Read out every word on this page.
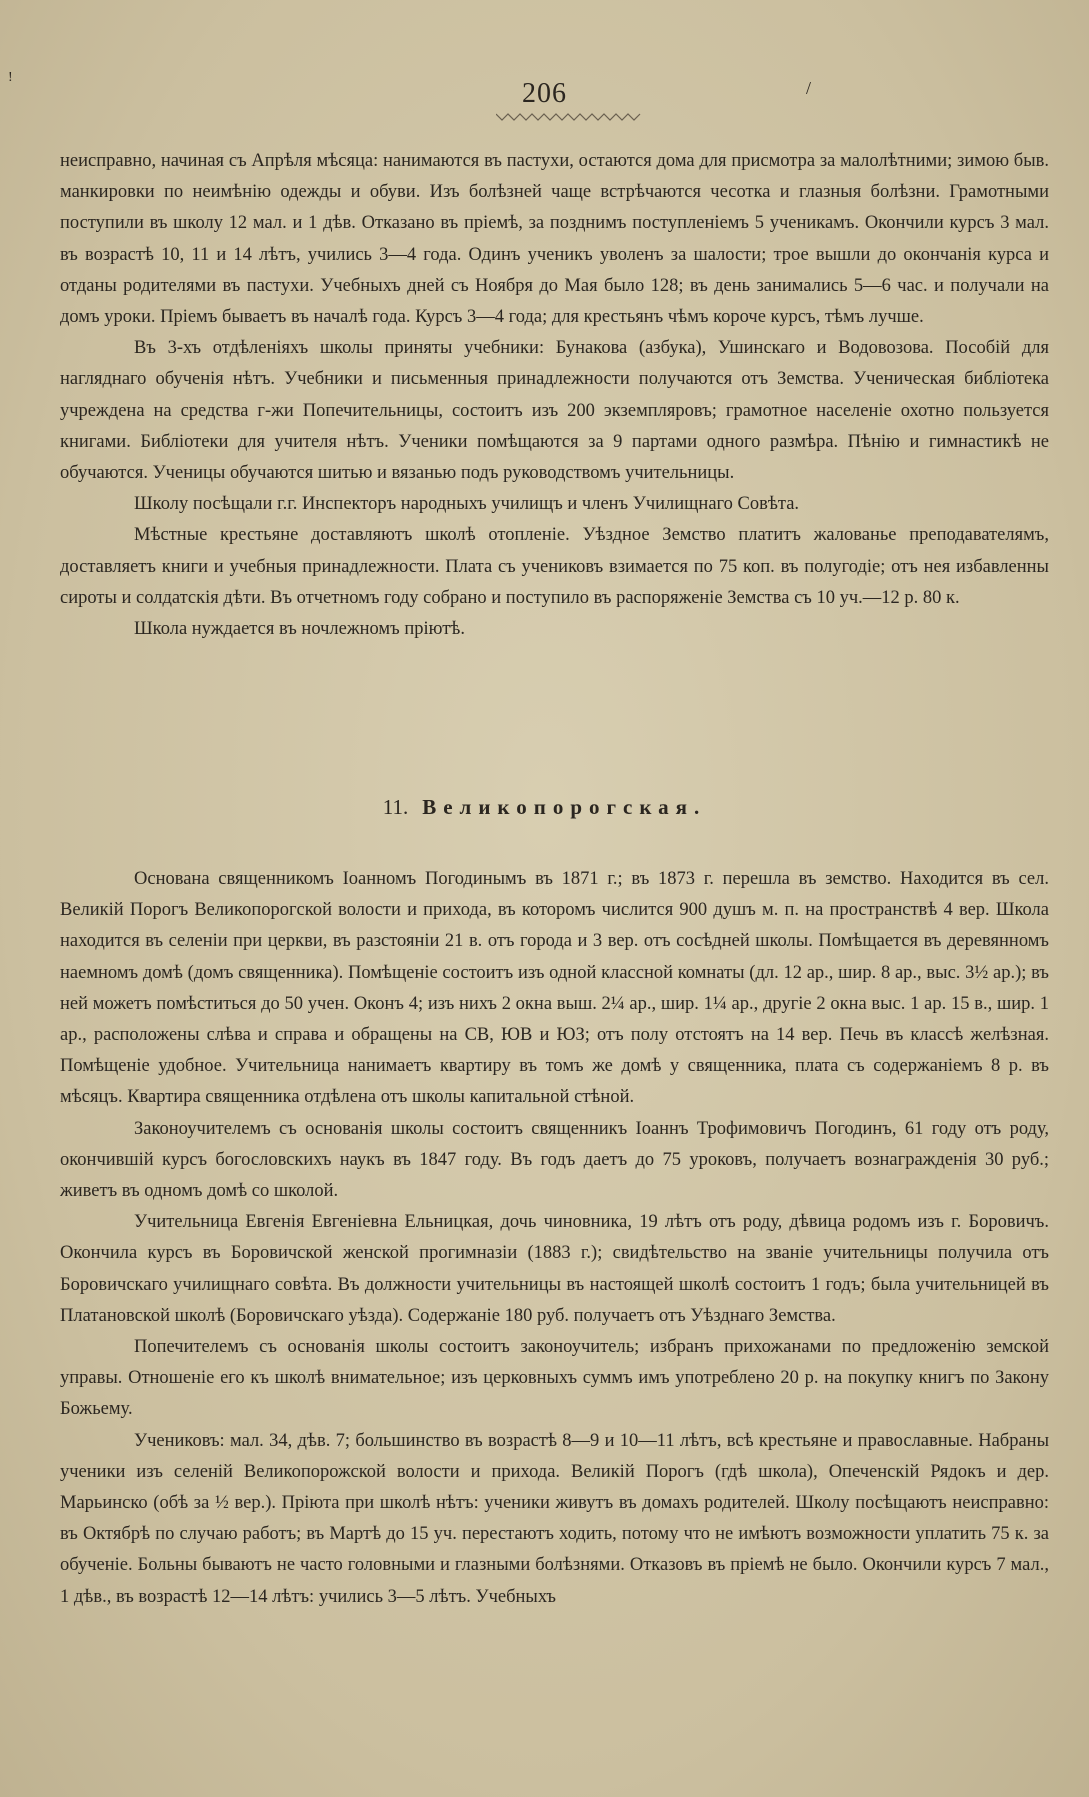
!
206	/

неисправно, начиная съ Апрѣля мѣсяца: нанимаются въ пастухи, остаются дома для присмотра за малолѣтними; зимою быв. манкировки по неимѣнію одежды и обуви. Изъ болѣзней чаще встрѣчаются чесотка и глазныя болѣзни. Грамотными поступили въ школу 12 мал. и 1 дѣв. Отказано въ пріемѣ, за позднимъ поступленіемъ 5 ученикамъ. Окончили курсъ 3 мал. въ возрастѣ 10, 11 и 14 лѣтъ, учились 3—4 года. Одинъ ученикъ уволенъ за шалости; трое вышли до окончанія курса и отданы родителями въ пастухи. Учебныхъ дней съ Ноября до Мая было 128; въ день занимались 5—6 час. и получали на домъ уроки. Пріемъ бываетъ въ началѣ года. Курсъ 3—4 года; для крестьянъ чѣмъ короче курсъ, тѣмъ лучше.

Въ 3-хъ отдѣленіяхъ школы приняты учебники: Бунакова (азбука), Ушинскаго и Водовозова. Пособій для нагляднаго обученія нѣтъ. Учебники и письменныя принадлежности получаются отъ Земства. Ученическая библіотека учреждена на средства г-жи Попечительницы, состоитъ изъ 200 экземпляровъ; грамотное населеніе охотно пользуется книгами. Библіотеки для учителя нѣтъ. Ученики помѣщаются за 9 партами одного размѣра. Пѣнію и гимнастикѣ не обучаются. Ученицы обучаются шитью и вязанью подъ руководствомъ учительницы.

Школу посѣщали г.г. Инспекторъ народныхъ училищъ и членъ Училищнаго Совѣта.

Мѣстные крестьяне доставляютъ школѣ отопленіе. Уѣздное Земство платитъ жалованье преподавателямъ, доставляетъ книги и учебныя принадлежности. Плата съ учениковъ взимается по 75 коп. въ полугодіе; отъ нея избавленны сироты и солдатскія дѣти. Въ отчетномъ году собрано и поступило въ распоряженіе Земства съ 10 уч.—12 р. 80 к.

Школа нуждается въ ночлежномъ пріютѣ.

11. Великопорогская.

Основана священникомъ Іоанномъ Погодинымъ въ 1871 г.; въ 1873 г. перешла въ земство. Находится въ сел. Великій Порогъ Великопорогской волости и прихода, въ которомъ числится 900 душъ м. п. на пространствѣ 4 вер. Школа находится въ селеніи при церкви, въ разстояніи 21 в. отъ города и 3 вер. отъ сосѣдней школы. Помѣщается въ деревянномъ наемномъ домѣ (домъ священника). Помѣщеніе состоитъ изъ одной классной комнаты (дл. 12 ар., шир. 8 ар., выс. 3½ ар.); въ ней можетъ помѣститься до 50 учен. Оконъ 4; изъ нихъ 2 окна выш. 2¼ ар., шир. 1¼ ар., другіе 2 окна выс. 1 ар. 15 в., шир. 1 ар., расположены слѣва и справа и обращены на СВ, ЮВ и ЮЗ; отъ полу отстоятъ на 14 вер. Печь въ классѣ желѣзная. Помѣщеніе удобное. Учительница нанимаетъ квартиру въ томъ же домѣ у священника, плата съ содержаніемъ 8 р. въ мѣсяцъ. Квартира священника отдѣлена отъ школы капитальной стѣной.

Законоучителемъ съ основанія школы состоитъ священникъ Іоаннъ Трофимовичъ Погодинъ, 61 году отъ роду, окончившій курсъ богословскихъ наукъ въ 1847 году. Въ годъ даетъ до 75 уроковъ, получаетъ вознагражденія 30 руб.; живетъ въ одномъ домѣ со школой.

Учительница Евгенія Евгеніевна Ельницкая, дочь чиновника, 19 лѣтъ отъ роду, дѣвица родомъ изъ г. Боровичъ. Окончила курсъ въ Боровичской женской прогимназіи (1883 г.); свидѣтельство на званіе учительницы получила отъ Боровичскаго училищнаго совѣта. Въ должности учительницы въ настоящей школѣ состоитъ 1 годъ; была учительницей въ Платановской школѣ (Боровичскаго уѣзда). Содержаніе 180 руб. получаетъ отъ Уѣзднаго Земства.

Попечителемъ съ основанія школы состоитъ законоучитель; избранъ прихожанами по предложенію земской управы. Отношеніе его къ школѣ внимательное; изъ церковныхъ суммъ имъ употреблено 20 р. на покупку книгъ по Закону Божьему.

Учениковъ: мал. 34, дѣв. 7; большинство въ возрастѣ 8—9 и 10—11 лѣтъ, всѣ крестьяне и православные. Набраны ученики изъ селеній Великопорожской волости и прихода. Великій Порогъ (гдѣ школа), Опеченскій Рядокъ и дер. Марьинско (обѣ за ½ вер.). Пріюта при школѣ нѣтъ: ученики живутъ въ домахъ родителей. Школу посѣщаютъ неисправно: въ Октябрѣ по случаю работъ; въ Мартѣ до 15 уч. перестаютъ ходить, потому что не имѣютъ возможности уплатить 75 к. за обученіе. Больны бываютъ не часто головными и глазными болѣзнями. Отказовъ въ пріемѣ не было. Окончили курсъ 7 мал., 1 дѣв., въ возрастѣ 12—14 лѣтъ: учились 3—5 лѣтъ. Учебныхъ
